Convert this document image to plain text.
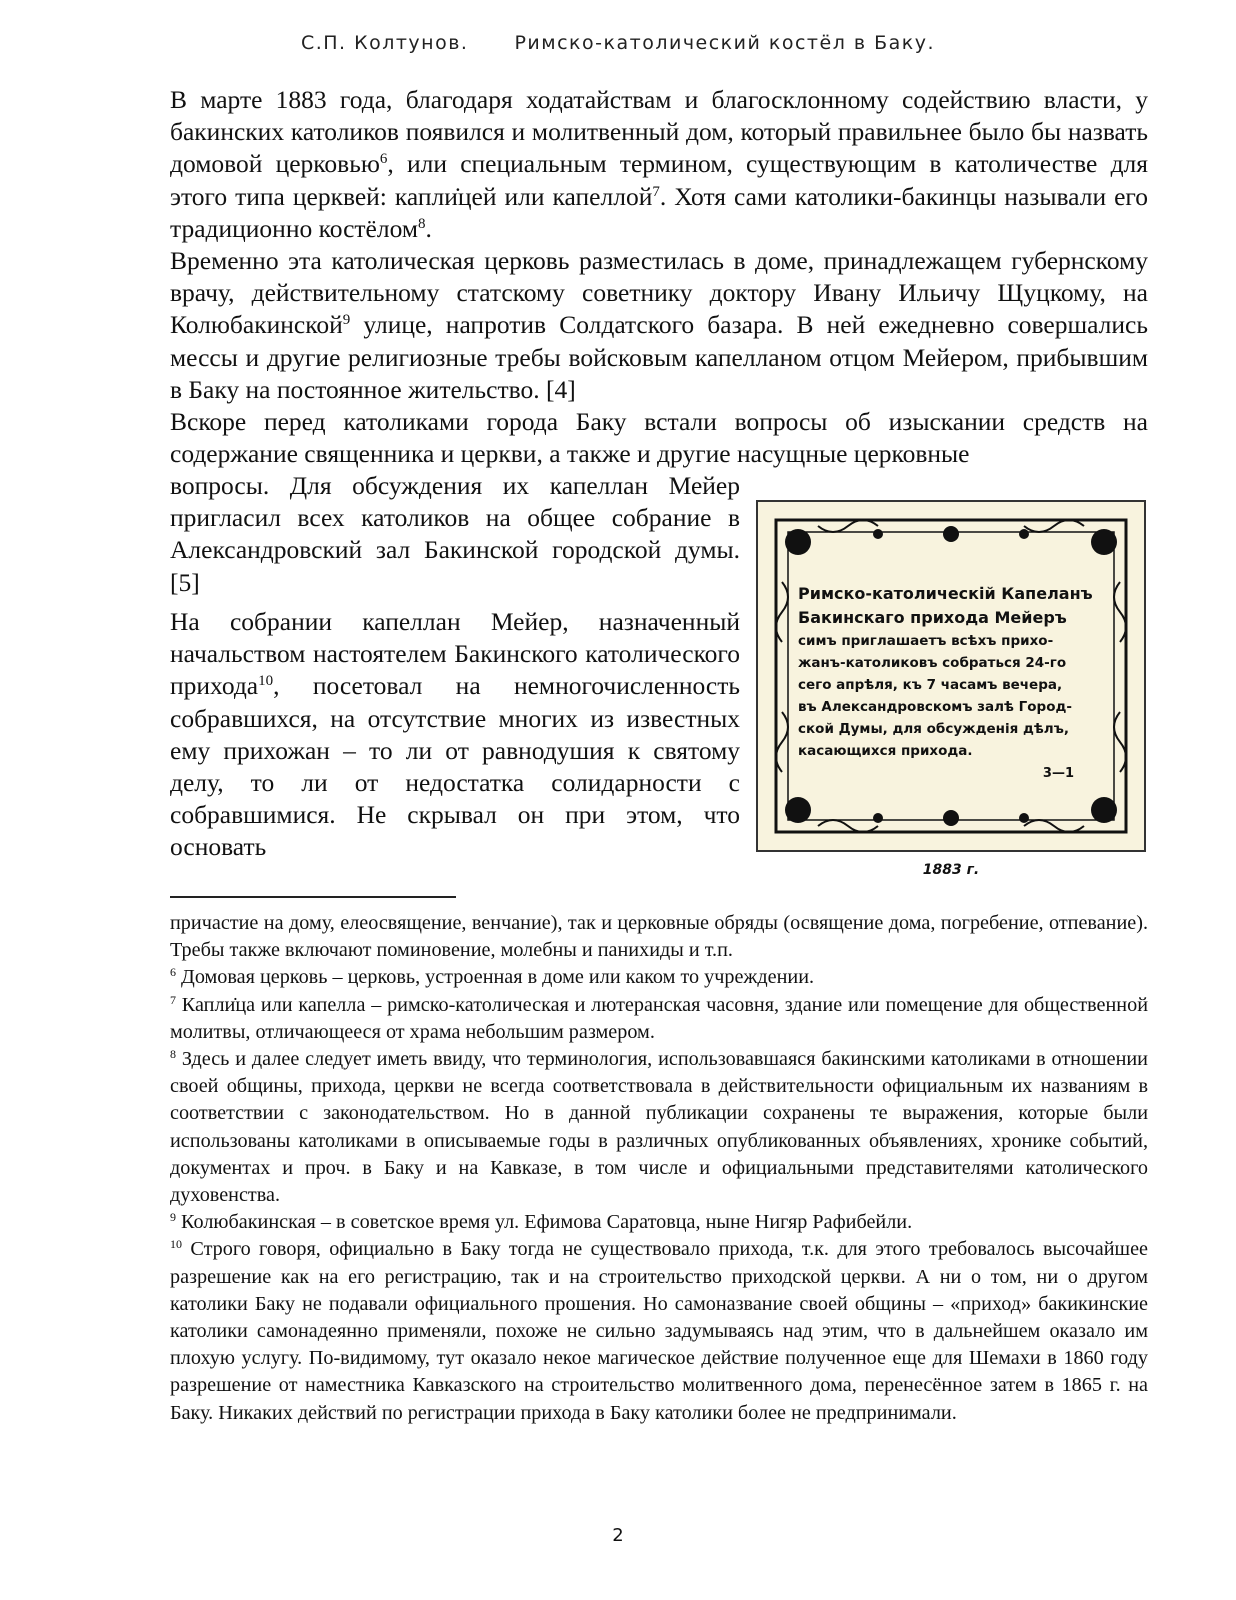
С.П. Колтунов. Римско-католический костёл в Баку.

В марте 1883 года, благодаря ходатайствам и благосклонному содействию власти, у бакинских католиков появился и молитвенный дом, который правильнее было бы назвать домовой церковью$^6$, или специальным термином, существующим в католичестве для этого типа церквей: капли̇цей или капеллой$^7$. Хотя сами католики-бакинцы называли его традиционно костёлом$^8$.

Временно эта католическая церковь разместилась в доме, принадлежащем губернскому врачу, действительному статскому советнику доктору Ивану Ильичу Щуцкому, на Колюбакинской$^9$ улице, напротив Солдатского базара. В ней ежедневно совершались мессы и другие религиозные требы войсковым капелланом отцом Мейером, прибывшим в Баку на постоянное жительство. [4]

Вскоре перед католиками города Баку встали вопросы об изыскании средств на содержание священника и церкви, а также и другие насущные церковные

вопросы. Для обсуждения их капеллан Мейер пригласил всех католиков на общее собрание в Александровский зал Бакинской городской думы. [5]

На собрании капеллан Мейер, назначенный начальством настоятелем Бакинского католического прихода$^{10}$, посетовал на немногочисленность собравшихся, на отсутствие многих из известных ему прихожан – то ли от равнодушия к святому делу, то ли от недостатка солидарности с собравшимися. Не скрывал он при этом, что основать

Римско-католическій Капеланъ
Бакинскаго прихода Мейеръ
симъ приглашаетъ всѣхъ прихо-
жанъ-католиковъ собраться 24-го
сего апрѣля, къ 7 часамъ вечера,
въ Александровскомъ залѣ Город-
ской Думы, для обсужденія дѣлъ,
касающихся прихода.
3—1
1883 г.

причастие на дому, елеосвящение, венчание), так и церковные обряды (освящение дома, погребение, отпевание). Требы также включают поминовение, молебны и панихиды и т.п.

$^6$ Домовая церковь – церковь, устроенная в доме или каком то учреждении.

$^7$ Капли̇ца или капелла – римско-католическая и лютеранская часовня, здание или помещение для общественной молитвы, отличающееся от храма небольшим размером.

$^8$ Здесь и далее следует иметь ввиду, что терминология, использовавшаяся бакинскими католиками в отношении своей общины, прихода, церкви не всегда соответствовала в действительности официальным их названиям в соответствии с законодательством. Но в данной публикации сохранены те выражения, которые были использованы католиками в описываемые годы в различных опубликованных объявлениях, хронике событий, документах и проч. в Баку и на Кавказе, в том числе и официальными представителями католического духовенства.

$^9$ Колюбакинская – в советское время ул. Ефимова Саратовца, ныне Нигяр Рафибейли.

$^{10}$ Строго говоря, официально в Баку тогда не существовало прихода, т.к. для этого требовалось высочайшее разрешение как на его регистрацию, так и на строительство приходской церкви. А ни о том, ни о другом католики Баку не подавали официального прошения. Но самоназвание своей общины – «приход» бакикинские католики самонадеянно применяли, похоже не сильно задумываясь над этим, что в дальнейшем оказало им плохую услугу. По-видимому, тут оказало некое магическое действие полученное еще для Шемахи в 1860 году разрешение от наместника Кавказского на строительство молитвенного дома, перенесённое затем в 1865 г. на Баку. Никаких действий по регистрации прихода в Баку католики более не предпринимали.

2
